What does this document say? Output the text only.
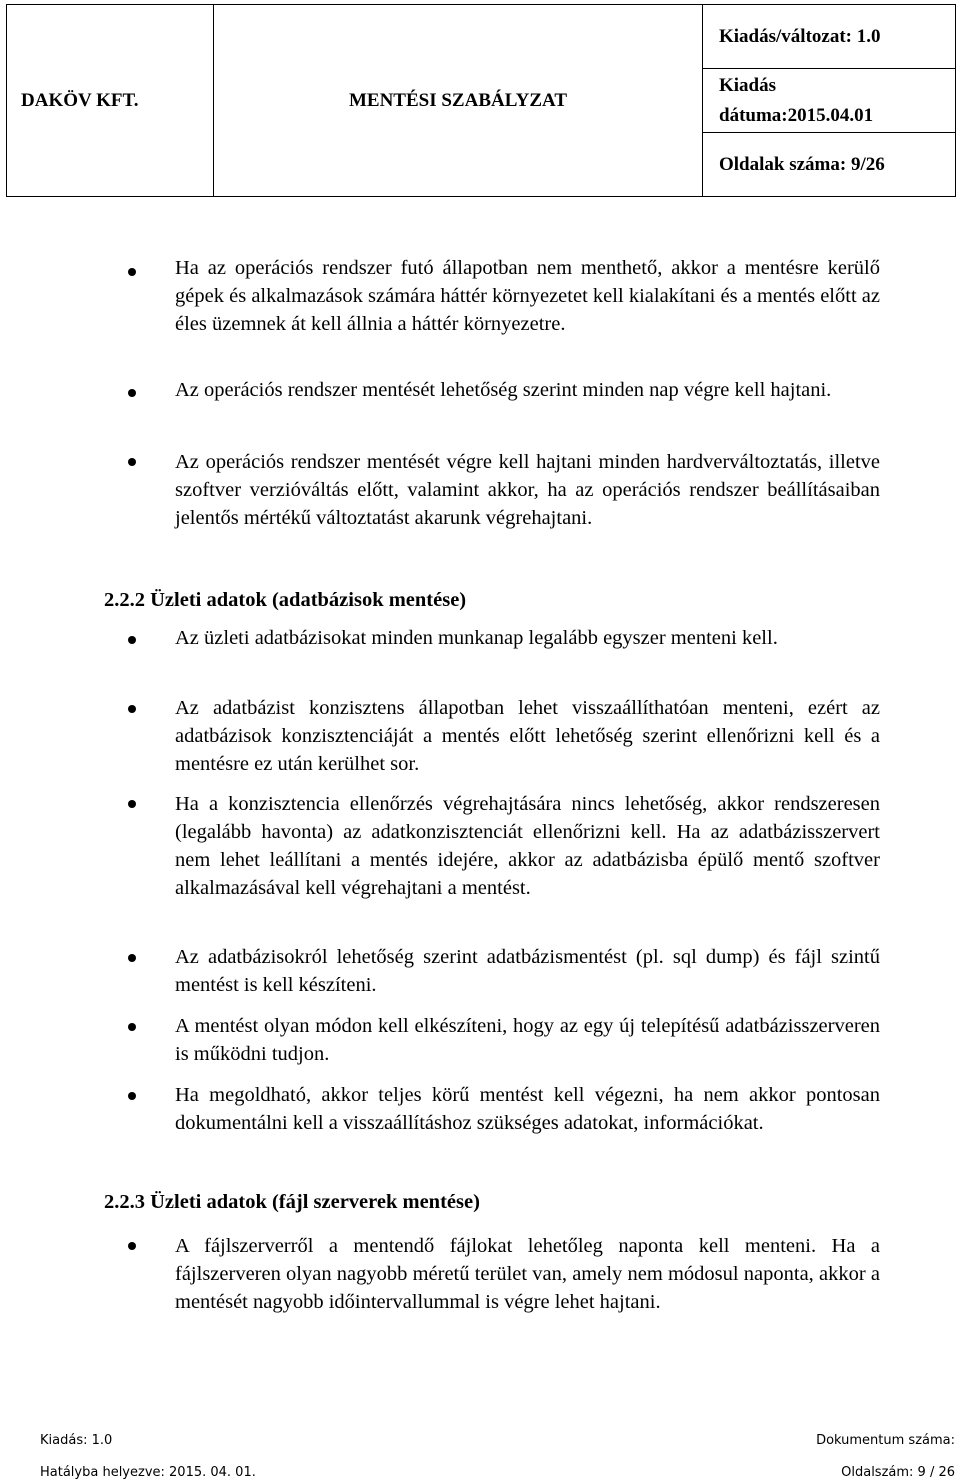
DAKÖV KFT.	MENTÉSI SZABÁLYZAT	Kiadás/változat: 1.0

Kiadás
dátuma:2015.04.01

Oldalak száma: 9/26
Ha az operációs rendszer futó állapotban nem menthető, akkor a mentésre kerülő gépek és alkalmazások számára háttér környezetet kell kialakítani és a mentés előtt az éles üzemnek át kell állnia a háttér környezetre.
Az operációs rendszer mentését lehetőség szerint minden nap végre kell hajtani.
Az operációs rendszer mentését végre kell hajtani minden hardverváltoztatás, illetve szoftver verzióváltás előtt, valamint akkor, ha az operációs rendszer beállításaiban jelentős mértékű változtatást akarunk végrehajtani.
2.2.2 Üzleti adatok (adatbázisok mentése)
Az üzleti adatbázisokat minden munkanap legalább egyszer menteni kell.
Az adatbázist konzisztens állapotban lehet visszaállíthatóan menteni, ezért az adatbázisok konzisztenciáját a mentés előtt lehetőség szerint ellenőrizni kell és a mentésre ez után kerülhet sor.
Ha a konzisztencia ellenőrzés végrehajtására nincs lehetőség, akkor rendszeresen (legalább havonta) az adatkonzisztenciát ellenőrizni kell. Ha az adatbázisszervert nem lehet leállítani a mentés idejére, akkor az adatbázisba épülő mentő szoftver alkalmazásával kell végrehajtani a mentést.
Az adatbázisokról lehetőség szerint adatbázismentést (pl. sql dump) és fájl szintű mentést is kell készíteni.
A mentést olyan módon kell elkészíteni, hogy az egy új telepítésű adatbázisszerveren is működni tudjon.
Ha megoldható, akkor teljes körű mentést kell végezni, ha nem akkor pontosan dokumentálni kell a visszaállításhoz szükséges adatokat, információkat.
2.2.3 Üzleti adatok (fájl szerverek mentése)
A fájlszerverről a mentendő fájlokat lehetőleg naponta kell menteni. Ha a fájlszerveren olyan nagyobb méretű terület van, amely nem módosul naponta, akkor a mentését nagyobb időintervallummal is végre lehet hajtani.
Kiadás: 1.0	Dokumentum száma:
Hatályba helyezve: 2015. 04. 01.	Oldalszám: 9 / 26
